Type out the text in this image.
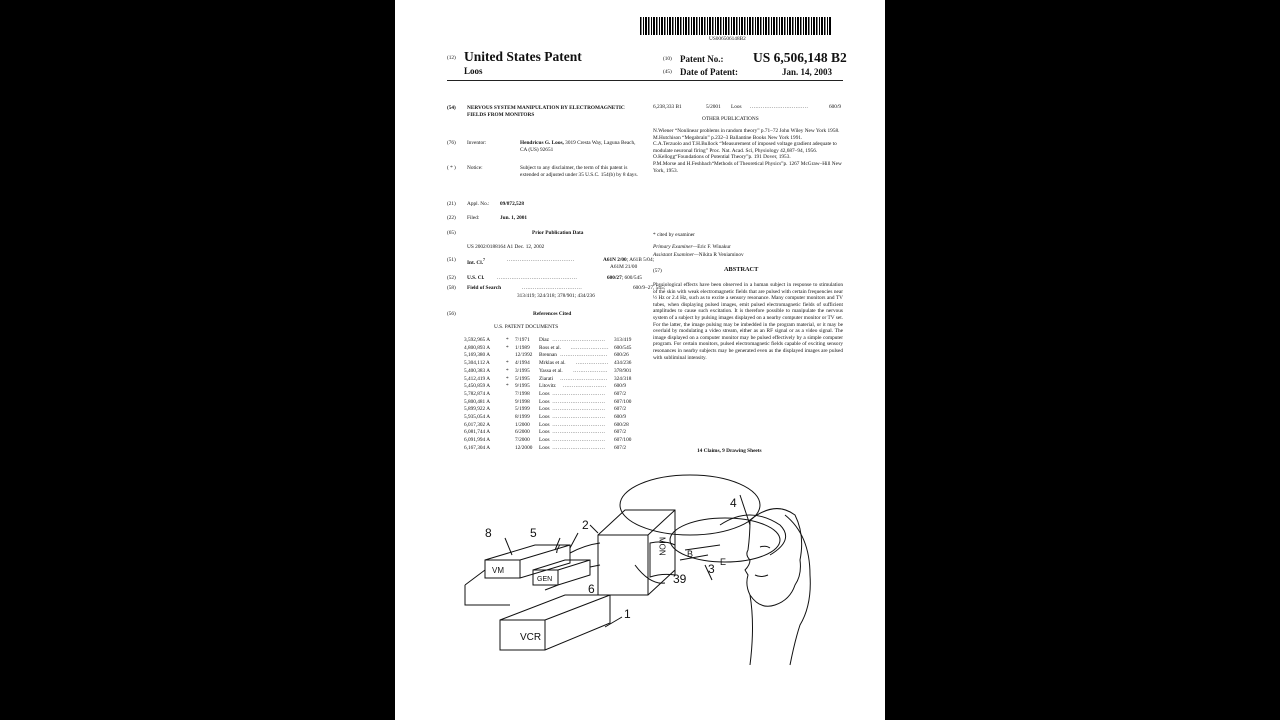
US006506148B2
(12) United States Patent
Loos
(10) Patent No.: US 6,506,148 B2
(45) Date of Patent:	Jan. 14, 2003
(54) NERVOUS SYSTEM MANIPULATION BY ELECTROMAGNETIC FIELDS FROM MONITORS
(76) Inventor:	Hendricus G. Loos, 3019 Cresta Way, Laguna Beach, CA (US) 92651
( * ) Notice:	Subject to any disclaimer, the term of this patent is extended or adjusted under 35 U.S.C. 154(b) by 8 days.
(21) Appl. No.: 09/872,528
(22) Filed:	Jun. 1, 2001
(65)	Prior Publication Data
US 2002/0188164 A1 Dec. 12, 2002
(51) Int. Cl.$^7$	.....................................	A61N 2/00; A61B 5/04;
A61M 21/00
(52) U.S. Cl. ............................................	600/27; 600/545
(58) Field of Search	.................................	600/9–27, 545;
313/419; 324/318; 378/901; 434/236
(56)	References Cited
U.S. PATENT DOCUMENTS
6,238,333 B1	5/2001 Loos ................................	600/9
OTHER PUBLICATIONS
N.Wiener “Nonlinear problems in random theory” p.71–72 John Wiley New York 1958.
M.Hutchison “Megabrain” p.232–3 Ballantine Books New York 1991.
C.A.Terzuolo and T.H.Bullock “Measurement of imposed voltage gradient adequate to modulate neuronal firing” Proc. Nat. Acad. Sci, Physiology 42,687–94, 1956.
O.Kellogg“Foundations of Potential Theory”p. 191 Dover, 1953.
P.M.Morse and H.Feshbach“Methods of Theoretical Physics”p. 1267 McGraw–Hill New York, 1953.
* cited by examiner
Primary Examiner—Eric F. Winakur
Assistant Examiner—Nikita R Veniaminov
(57)	ABSTRACT
Physiological effects have been observed in a human subject in response to stimulation of the skin with weak electromagnetic fields that are pulsed with certain frequencies near ½ Hz or 2.4 Hz, such as to excite a sensory resonance. Many computer monitors and TV tubes, when displaying pulsed images, emit pulsed electromagnetic fields of sufficient amplitudes to cause such excitation. It is therefore possible to manipulate the nervous system of a subject by pulsing images displayed on a nearby computer monitor or TV set. For the latter, the image pulsing may be imbedded in the program material, or it may be overlaid by modulating a video stream, either as an RF signal or as a video signal. The image displayed on a computer monitor may be pulsed effectively by a simple computer program. For certain monitors, pulsed electromagnetic fields capable of exciting sensory resonances in nearby subjects may be generated even as the displayed images are pulsed with subliminal intensity.
14 Claims, 9 Drawing Sheets
VCR
VM
GEN
MON
1
2
3
4
5
6
7
8
39
B
E
3,592,965 A	* 7/1971 Diaz	313/419
.............................
4,800,893 A	* 1/1989 Ross et al.	600/545
.....................
5,169,380 A	12/1992 Brennan	600/26
..........................
5,304,112 A	* 4/1994 Mrklas et al.	434/236
..................
5,400,383 A	* 3/1995 Yassa et al.	378/901
...................
5,412,419 A	* 5/1995 Ziarati	324/318
..........................
5,450,859 A	* 9/1995 Litovitz	600/9
........................
5,782,874 A	7/1998 Loos	607/2
.............................
5,800,481 A	9/1998 Loos	607/100
.............................
5,899,922 A	5/1999 Loos	607/2
.............................
5,935,054 A	8/1999 Loos	600/9
.............................
6,017,302 A	1/2000 Loos	600/28
.............................
6,081,744 A	6/2000 Loos	607/2
.............................
6,091,994 A	7/2000 Loos	607/100
.............................
6,167,304 A	12/2000 Loos	607/2
.............................
